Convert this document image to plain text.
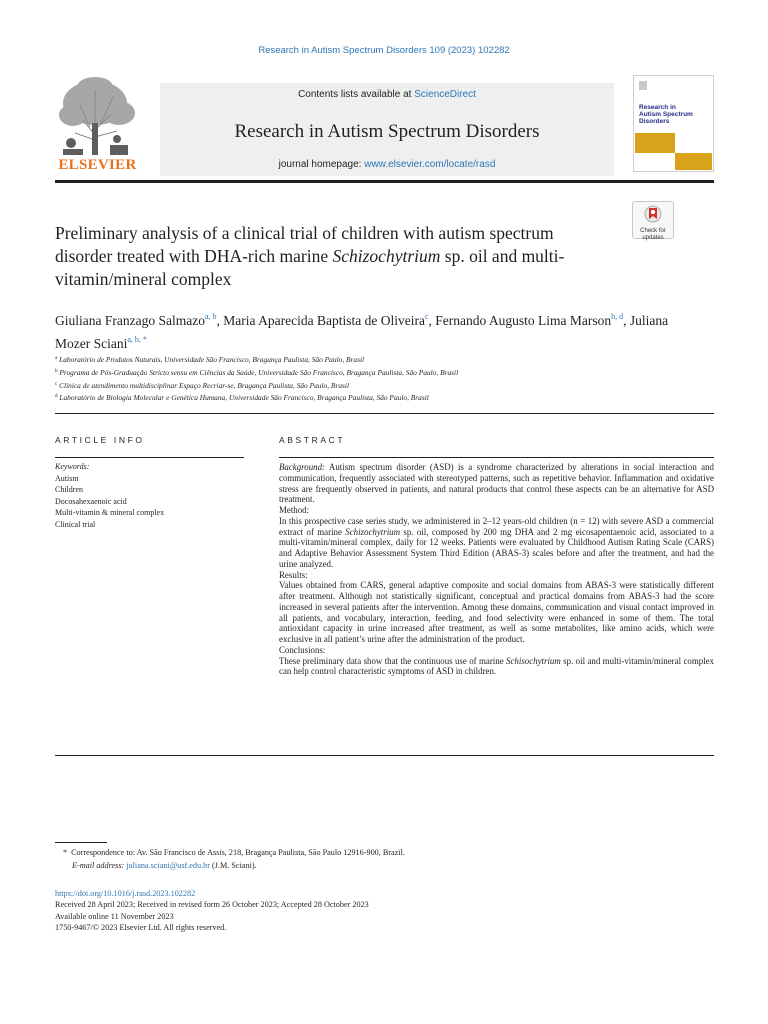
Research in Autism Spectrum Disorders 109 (2023) 102282
ELSEVIER
Contents lists available at ScienceDirect
Research in Autism Spectrum Disorders
journal homepage: www.elsevier.com/locate/rasd
Research in Autism Spectrum Disorders
Check for
updates
Preliminary analysis of a clinical trial of children with autism spectrum disorder treated with DHA-rich marine Schizochytrium sp. oil and multi-vitamin/mineral complex
Giuliana Franzago Salmazo$^{a, b}$, Maria Aparecida Baptista de Oliveira$^c$, Fernando Augusto Lima Marson$^{b, d}$, Juliana Mozer Sciani$^{a, b, *}$
$^a$ Laboratório de Produtos Naturais, Universidade São Francisco, Bragança Paulista, São Paulo, Brasil
$^b$ Programa de Pós-Graduação Stricto sensu em Ciências da Saúde, Universidade São Francisco, Bragança Paulista, São Paulo, Brasil
$^c$ Clínica de atendimento multidisciplinar Espaço Recriar-se, Bragança Paulista, São Paulo, Brasil
$^d$ Laboratório de Biologia Molecular e Genética Humana, Universidade São Francisco, Bragança Paulista, São Paulo, Brasil
ARTICLE INFO	ABSTRACT
Keywords:
Autism
Children
Docosahexaenoic acid
Multi-vitamin & mineral complex
Clinical trial

Background: Autism spectrum disorder (ASD) is a syndrome characterized by alterations in social interaction and communication, frequently associated with stereotyped patterns, such as repetitive behavior. Inflammation and oxidative stress are frequently observed in patients, and natural products that control these aspects can be an alternative for ASD treatment.

Method:

In this prospective case series study, we administered in 2–12 years-old children (n = 12) with severe ASD a commercial extract of marine Schizochytrium sp. oil, composed by 200 mg DHA and 2 mg eicosapentaenoic acid, associated to a multi-vitamin/mineral complex, daily for 12 weeks. Patients were evaluated by Childhood Autism Rating Scale (CARS) and Adaptive Behavior Assessment System Third Edition (ABAS-3) scales before and after the treatment, and had the urine analyzed.

Results:

Values obtained from CARS, general adaptive composite and social domains from ABAS-3 were statistically different after treatment. Although not statistically significant, conceptual and practical domains from ABAS-3 had the score increased in several patients after the intervention. Among these domains, communication and visual contact improved in all patients, and vocabulary, interaction, feeding, and food selectivity were enhanced in some of them. The total antioxidant capacity in urine increased after treatment, as well as some metabolites, like amino acids, which were exclusive in all patient’s urine after the administration of the product.

Conclusions:

These preliminary data show that the continuous use of marine Schisochytrium sp. oil and multi-vitamin/mineral complex can help control characteristic symptoms of ASD in children.

* Correspondence to: Av. São Francisco de Assis, 218, Bragança Paulista, São Paulo 12916-900, Brazil.
E-mail address: juliana.sciani@usf.edu.br (J.M. Sciani).
https://doi.org/10.1016/j.rasd.2023.102282
Received 28 April 2023; Received in revised form 26 October 2023; Accepted 28 October 2023
Available online 11 November 2023
1750-9467/© 2023 Elsevier Ltd. All rights reserved.
